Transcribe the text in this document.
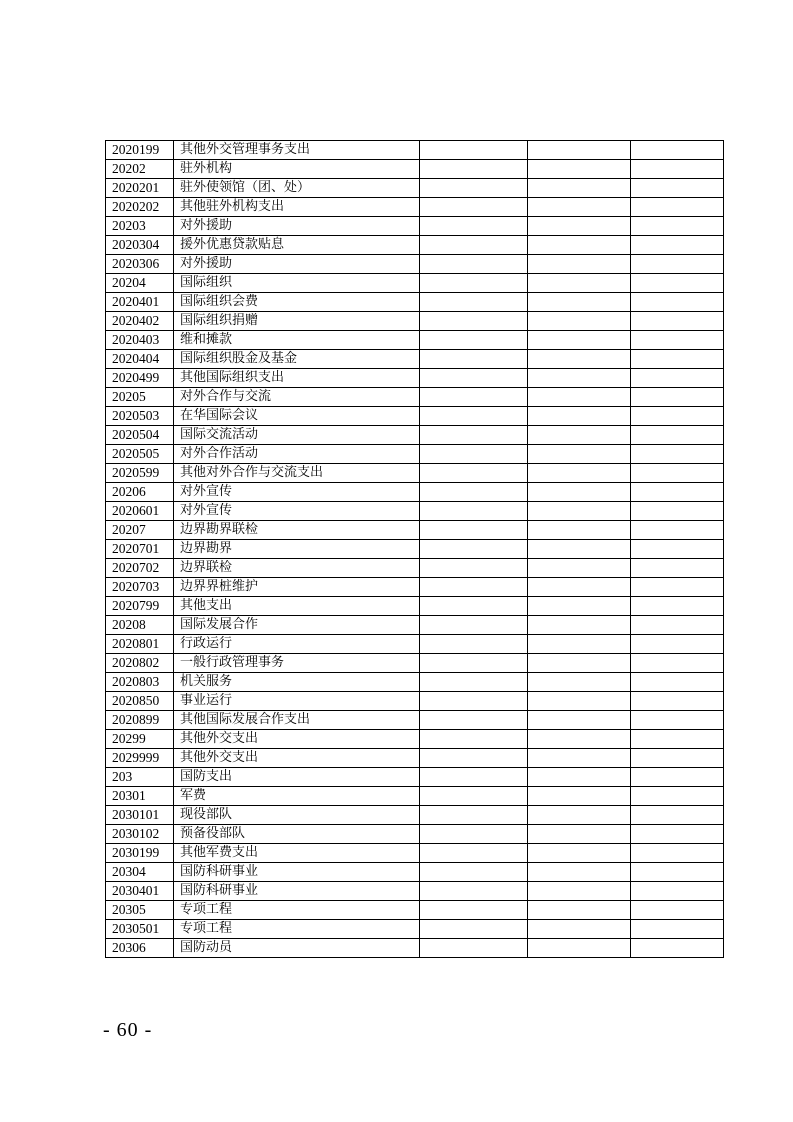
2020199	其他外交管理事务支出			
20202	驻外机构			
2020201	驻外使领馆（团、处）			
2020202	其他驻外机构支出			
20203	对外援助			
2020304	援外优惠贷款贴息			
2020306	对外援助			
20204	国际组织			
2020401	国际组织会费			
2020402	国际组织捐赠			
2020403	维和摊款			
2020404	国际组织股金及基金			
2020499	其他国际组织支出			
20205	对外合作与交流			
2020503	在华国际会议			
2020504	国际交流活动			
2020505	对外合作活动			
2020599	其他对外合作与交流支出			
20206	对外宣传			
2020601	对外宣传			
20207	边界勘界联检			
2020701	边界勘界			
2020702	边界联检			
2020703	边界界桩维护			
2020799	其他支出			
20208	国际发展合作			
2020801	行政运行			
2020802	一般行政管理事务			
2020803	机关服务			
2020850	事业运行			
2020899	其他国际发展合作支出			
20299	其他外交支出			
2029999	其他外交支出			
203	国防支出			
20301	军费			
2030101	现役部队			
2030102	预备役部队			
2030199	其他军费支出			
20304	国防科研事业			
2030401	国防科研事业			
20305	专项工程			
2030501	专项工程			
20306	国防动员			
- 60 -
